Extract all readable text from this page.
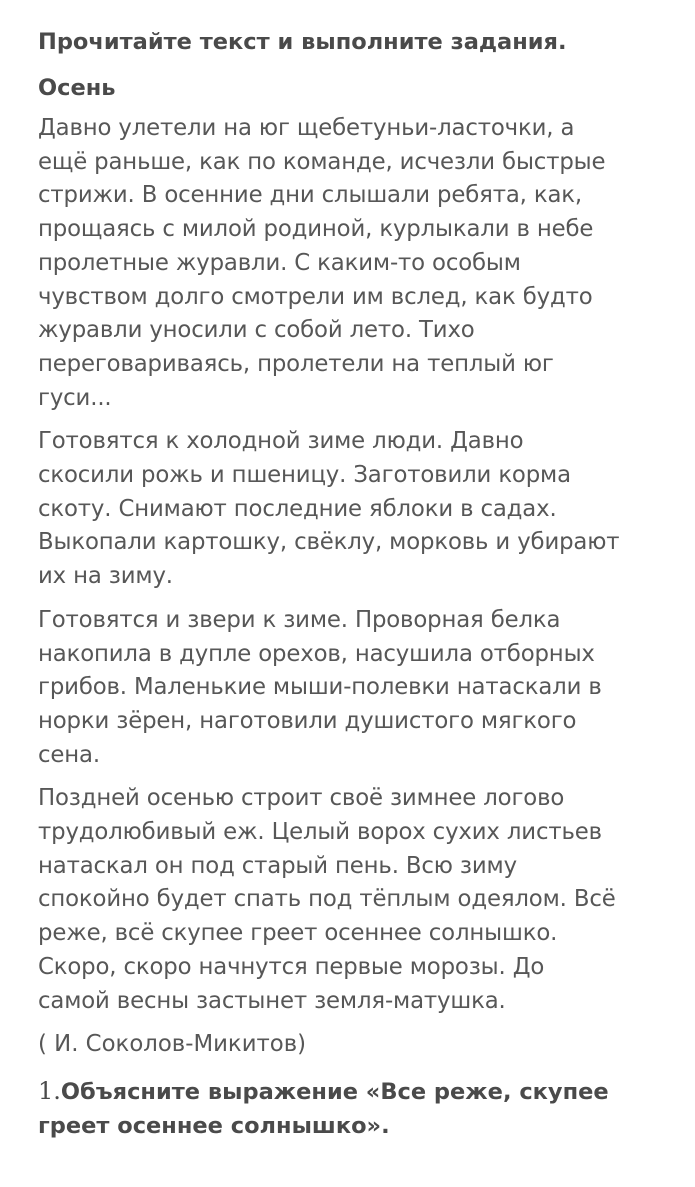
Прочитайте текст и выполните задания.

Осень

Давно улетели на юг щебетуньи-ласточки, а
ещё раньше, как по команде, исчезли быстрые
стрижи. В осенние дни слышали ребята, как,
прощаясь с милой родиной, курлыкали в небе
пролетные журавли. С каким-то особым
чувством долго смотрели им вслед, как будто
журавли уносили с собой лето. Тихо
переговариваясь, пролетели на теплый юг
гуси...

Готовятся к холодной зиме люди. Давно
скосили рожь и пшеницу. Заготовили корма
скоту. Снимают последние яблоки в садах.
Выкопали картошку, свёклу, морковь и убирают
их на зиму.

Готовятся и звери к зиме. Проворная белка
накопила в дупле орехов, насушила отборных
грибов. Маленькие мыши-полевки натаскали в
норки зёрен, наготовили душистого мягкого
сена.

Поздней осенью строит своё зимнее логово
трудолюбивый еж. Целый ворох сухих листьев
натаскал он под старый пень. Всю зиму
спокойно будет спать под тёплым одеялом. Всё
реже, всё скупее греет осеннее солнышко.
Скоро, скоро начнутся первые морозы. До
самой весны застынет земля-матушка.

( И. Соколов-Микитов)

1.Объясните выражение «Все реже, скупее
греет осеннее солнышко».
